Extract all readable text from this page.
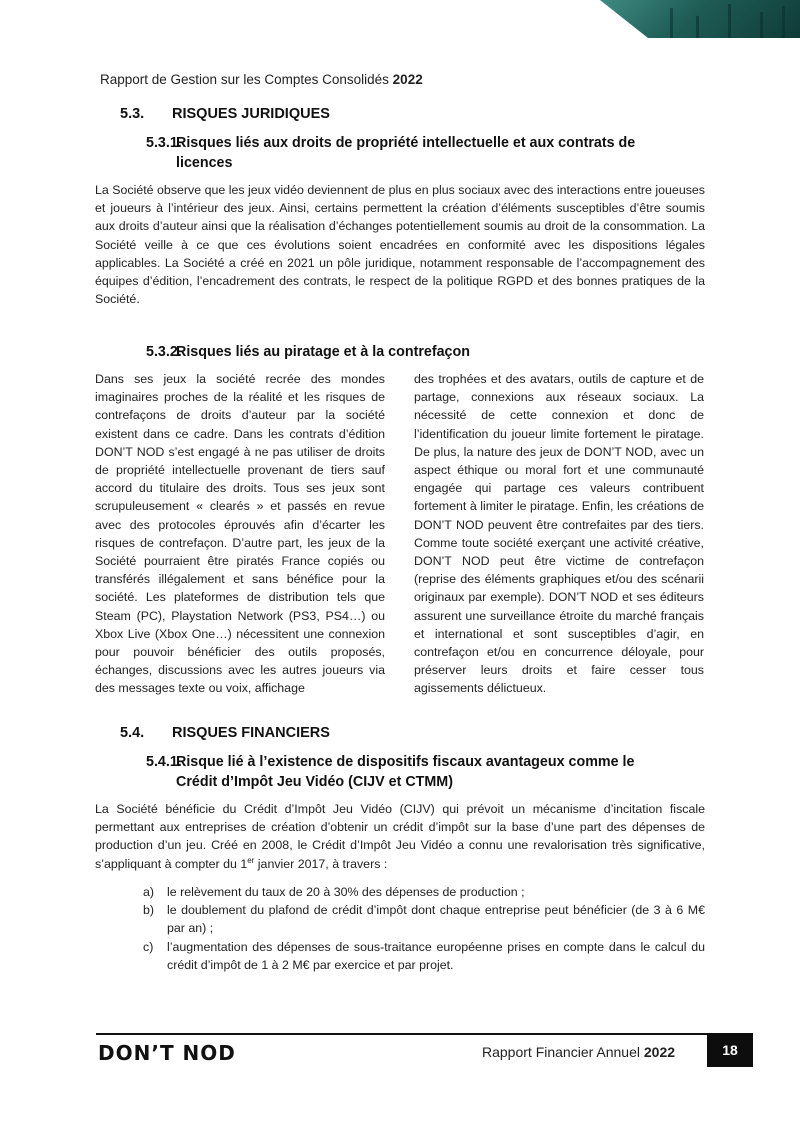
Rapport de Gestion sur les Comptes Consolidés 2022
5.3. RISQUES JURIDIQUES
5.3.1.Risques liés aux droits de propriété intellectuelle et aux contrats de
licences
La Société observe que les jeux vidéo deviennent de plus en plus sociaux avec des interactions entre joueuses et joueurs à l’intérieur des jeux. Ainsi, certains permettent la création d’éléments susceptibles d’être soumis aux droits d’auteur ainsi que la réalisation d’échanges potentiellement soumis au droit de la consommation. La Société veille à ce que ces évolutions soient encadrées en conformité avec les dispositions légales applicables. La Société a créé en 2021 un pôle juridique, notamment responsable de l’accompagnement des équipes d’édition, l’encadrement des contrats, le respect de la politique RGPD et des bonnes pratiques de la Société.
5.3.2.Risques liés au piratage et à la contrefaçon
Dans ses jeux la société recrée des mondes imaginaires proches de la réalité et les risques de contrefaçons de droits d’auteur par la société existent dans ce cadre. Dans les contrats d’édition DON’T NOD s’est engagé à ne pas utiliser de droits de propriété intellectuelle provenant de tiers sauf accord du titulaire des droits. Tous ses jeux sont scrupuleusement « clearés » et passés en revue avec des protocoles éprouvés afin d’écarter les risques de contrefaçon. D’autre part, les jeux de la Société pourraient être piratés France copiés ou transférés illégalement et sans bénéfice pour la société. Les plateformes de distribution tels que Steam (PC), Playstation Network (PS3, PS4…) ou Xbox Live (Xbox One…) nécessitent une connexion pour pouvoir bénéficier des outils proposés, échanges, discussions avec les autres joueurs via des messages texte ou voix, affichage
des trophées et des avatars, outils de capture et de partage, connexions aux réseaux sociaux. La nécessité de cette connexion et donc de l’identification du joueur limite fortement le piratage. De plus, la nature des jeux de DON’T NOD, avec un aspect éthique ou moral fort et une communauté engagée qui partage ces valeurs contribuent fortement à limiter le piratage. Enfin, les créations de DON’T NOD peuvent être contrefaites par des tiers. Comme toute société exerçant une activité créative, DON’T NOD peut être victime de contrefaçon (reprise des éléments graphiques et/ou des scénarii originaux par exemple). DON’T NOD et ses éditeurs assurent une surveillance étroite du marché français et international et sont susceptibles d’agir, en contrefaçon et/ou en concurrence déloyale, pour préserver leurs droits et faire cesser tous agissements délictueux.
5.4. RISQUES FINANCIERS
5.4.1.Risque lié à l’existence de dispositifs fiscaux avantageux comme le
Crédit d’Impôt Jeu Vidéo (CIJV et CTMM)
La Société bénéficie du Crédit d’Impôt Jeu Vidéo (CIJV) qui prévoit un mécanisme d’incitation fiscale permettant aux entreprises de création d’obtenir un crédit d’impôt sur la base d’une part des dépenses de production d’un jeu. Créé en 2008, le Crédit d’Impôt Jeu Vidéo a connu une revalorisation très significative, s’appliquant à compter du 1er janvier 2017, à travers :
a)	le relèvement du taux de 20 à 30% des dépenses de production ;
b)	le doublement du plafond de crédit d’impôt dont chaque entreprise peut bénéficier (de 3 à 6 M€ par an) ;
c)	l’augmentation des dépenses de sous-traitance européenne prises en compte dans le calcul du crédit d’impôt de 1 à 2 M€ par exercice et par projet.
DON’T NOD	Rapport Financier Annuel 2022	18
